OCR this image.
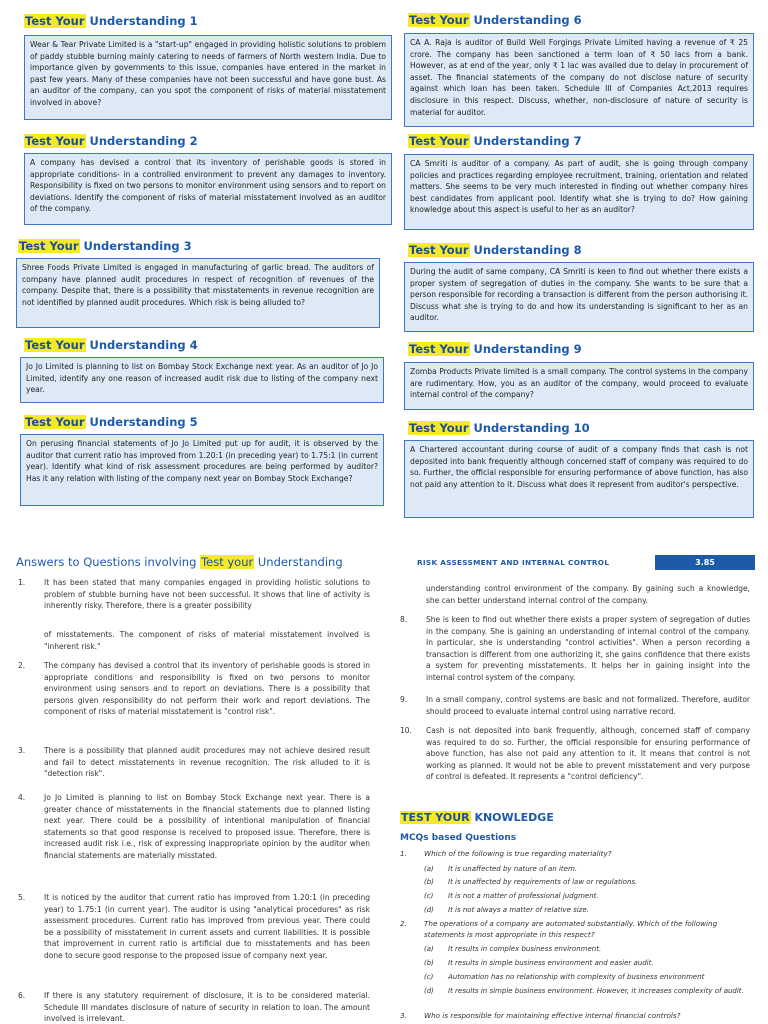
Test Your Understanding 1
Wear & Tear Private Limited is a "start-up" engaged in providing holistic solutions to problem of paddy stubble burning mainly catering to needs of farmers of North western India. Due to importance given by governments to this issue, companies have entered in the market in past few years. Many of these companies have not been successful and have gone bust. As an auditor of the company, can you spot the component of risks of material misstatement involved in above?
Test Your Understanding 2
A company has devised a control that its inventory of perishable goods is stored in appropriate conditions- in a controlled environment to prevent any damages to inventory. Responsibility is fixed on two persons to monitor environment using sensors and to report on deviations. Identify the component of risks of material misstatement involved as an auditor of the company.
Test Your Understanding 3
Shree Foods Private Limited is engaged in manufacturing of garlic bread. The auditors of company have planned audit procedures in respect of recognition of revenues of the company. Despite that, there is a possibility that misstatements in revenue recognition are not identified by planned audit procedures. Which risk is being alluded to?
Test Your Understanding 4
Jo Jo Limited is planning to list on Bombay Stock Exchange next year. As an auditor of Jo Jo Limited, identify any one reason of increased audit risk due to listing of the company next year.
Test Your Understanding 5
On perusing financial statements of Jo Jo Limited put up for audit, it is observed by the auditor that current ratio has improved from 1.20:1 (in preceding year) to 1.75:1 (in current year). Identify what kind of risk assessment procedures are being performed by auditor? Has it any relation with listing of the company next year on Bombay Stock Exchange?
Test Your Understanding 6
CA A. Raja is auditor of Build Well Forgings Private Limited having a revenue of ₹ 25 crore. The company has been sanctioned a term loan of ₹ 50 lacs from a bank. However, as at end of the year, only ₹ 1 lac was availed due to delay in procurement of asset. The financial statements of the company do not disclose nature of security against which loan has been taken. Schedule III of Companies Act,2013 requires disclosure in this respect. Discuss, whether, non-disclosure of nature of security is material for auditor.
Test Your Understanding 7
CA Smriti is auditor of a company. As part of audit, she is going through company policies and practices regarding employee recruitment, training, orientation and related matters. She seems to be very much interested in finding out whether company hires best candidates from applicant pool. Identify what she is trying to do? How gaining knowledge about this aspect is useful to her as an auditor?
Test Your Understanding 8
During the audit of same company, CA Smriti is keen to find out whether there exists a proper system of segregation of duties in the company. She wants to be sure that a person responsible for recording a transaction is different from the person authorising it. Discuss what she is trying to do and how its understanding is significant to her as an auditor.
Test Your Understanding 9
Zomba Products Private limited is a small company. The control systems in the company are rudimentary. How, you as an auditor of the company, would proceed to evaluate internal control of the company?
Test Your Understanding 10
A Chartered accountant during course of audit of a company finds that cash is not deposited into bank frequently although concerned staff of company was required to do so. Further, the official responsible for ensuring performance of above function, has also not paid any attention to it. Discuss what does it represent from auditor's perspective.
Answers to Questions involving Test your Understanding
1.	It has been stated that many companies engaged in providing holistic solutions to problem of stubble burning have not been successful. It shows that line of activity is inherently risky. Therefore, there is a greater possibility
of misstatements. The component of risks of material misstatement involved is "inherent risk."
2.	The company has devised a control that its inventory of perishable goods is stored in appropriate conditions and responsibility is fixed on two persons to monitor environment using sensors and to report on deviations. There is a possibility that persons given responsibility do not perform their work and report deviations. The component of risks of material misstatement is "control risk".
3.	There is a possibility that planned audit procedures may not achieve desired result and fail to detect misstatements in revenue recognition. The risk alluded to it is "detection risk".
4.	Jo Jo Limited is planning to list on Bombay Stock Exchange next year. There is a greater chance of misstatements in the financial statements due to planned listing next year. There could be a possibility of intentional manipulation of financial statements so that good response is received to proposed issue. Therefore, there is increased audit risk i.e., risk of expressing inappropriate opinion by the auditor when financial statements are materially misstated.
5.	It is noticed by the auditor that current ratio has improved from 1.20:1 (in preceding year) to 1.75:1 (in current year). The auditor is using "analytical procedures" as risk assessment procedures. Current ratio has improved from previous year. There could be a possibility of misstatement in current assets and current liabilities. It is possible that improvement in current ratio is artificial due to misstatements and has been done to secure good response to the proposed issue of company next year.
6.	If there is any statutory requirement of disclosure, it is to be considered material. Schedule III mandates disclosure of nature of security in relation to loan. The amount involved is irrelevant.
RISK ASSESSMENT AND INTERNAL CONTROL	3.85
understanding control environment of the company. By gaining such a knowledge, she can better understand internal control of the company.
8.	She is keen to find out whether there exists a proper system of segregation of duties in the company. She is gaining an understanding of internal control of the company. In particular, she is understanding "control activities". When a person recording a transaction is different from one authorizing it, she gains confidence that there exists a system for preventing misstatements. It helps her in gaining insight into the internal control system of the company.
9.	In a small company, control systems are basic and not formalized. Therefore, auditor should proceed to evaluate internal control using narrative record.
10.	Cash is not deposited into bank frequently, although, concerned staff of company was required to do so. Further, the official responsible for ensuring performance of above function, has also not paid any attention to it. It means that control is not working as planned. It would not be able to prevent misstatement and very purpose of control is defeated. It represents a "control deficiency".
TEST YOUR KNOWLEDGE
MCQs based Questions
1. Which of the following is true regarding materiality?
(a) It is unaffected by nature of an item.
(b) It is unaffected by requirements of law or regulations.
(c) It is not a matter of professional judgment.
(d) It is not always a matter of relative size.
2. The operations of a company are automated substantially. Which of the following statements is most appropriate in this respect?
(a) It results in complex business environment.
(b) It results in simple business environment and easier audit.
(c) Automation has no relationship with complexity of business environment
(d) It results in simple business environment. However, it increases complexity of audit.
3. Who is responsible for maintaining effective internal financial controls?
